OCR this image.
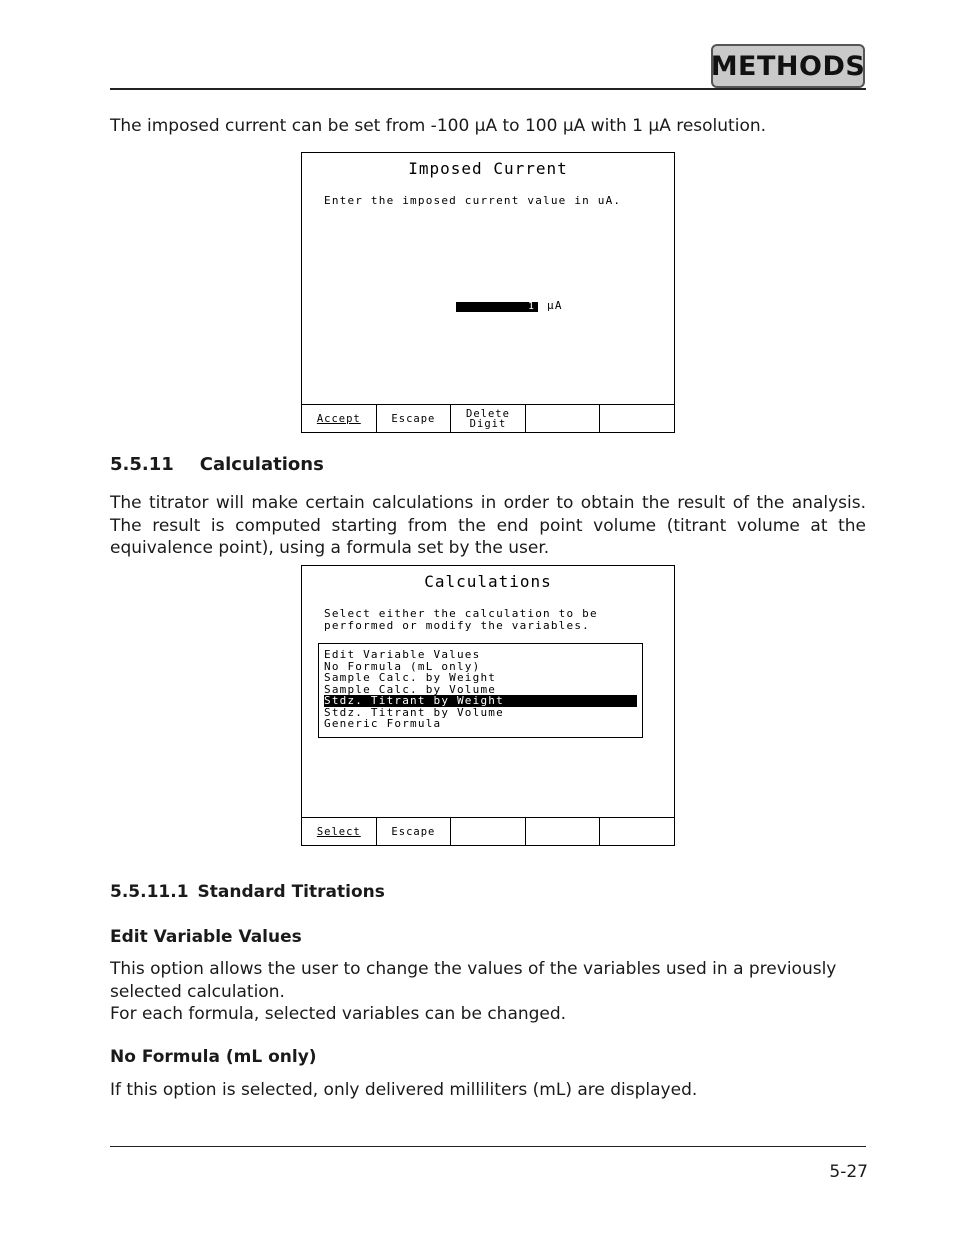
METHODS
The imposed current can be set from -100 µA to 100 µA with 1 µA resolution.
Imposed Current
Enter the imposed current value in uA.
1	µA
Accept	Escape	Delete
Digit
5.5.11 Calculations
The titrator will make certain calculations in order to obtain the result of the analysis. The result is computed starting from the end point volume (titrant volume at the equivalence point), using a formula set by the user.
Calculations
Select either the calculation to be
performed or modify the variables.
Edit Variable Values
No Formula (mL only)
Sample Calc. by Weight
Sample Calc. by Volume
Stdz. Titrant by Weight
Stdz. Titrant by Volume
Generic Formula
Select	Escape
5.5.11.1 Standard Titrations
Edit Variable Values
This option allows the user to change the values of the variables used in a previously selected calculation.
For each formula, selected variables can be changed.
No Formula (mL only)
If this option is selected, only delivered milliliters (mL) are displayed.
5-27
